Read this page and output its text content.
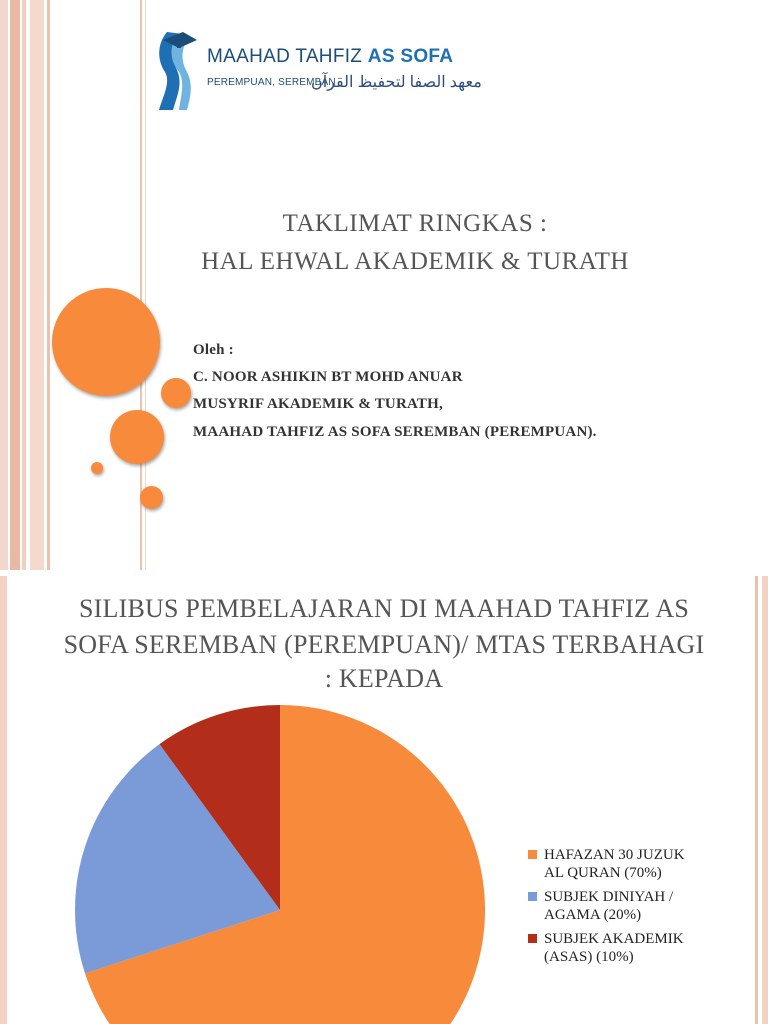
MAAHAD TAHFIZ AS SOFA
PEREMPUAN, SEREMBAN
معهد الصفا لتحفيظ القرآن
TAKLIMAT RINGKAS :
HAL EHWAL AKADEMIK & TURATH
Oleh :
C. NOOR ASHIKIN BT MOHD ANUAR
MUSYRIF AKADEMIK & TURATH,
MAAHAD TAHFIZ AS SOFA SEREMBAN (PEREMPUAN).
SILIBUS PEMBELAJARAN DI MAAHAD TAHFIZ AS
SOFA SEREMBAN (PEREMPUAN)/ MTAS TERBAHAGI
: KEPADA
HAFAZAN 30 JUZUK
AL QURAN (70%)
SUBJEK DINIYAH /
AGAMA (20%)
SUBJEK AKADEMIK
(ASAS) (10%)
